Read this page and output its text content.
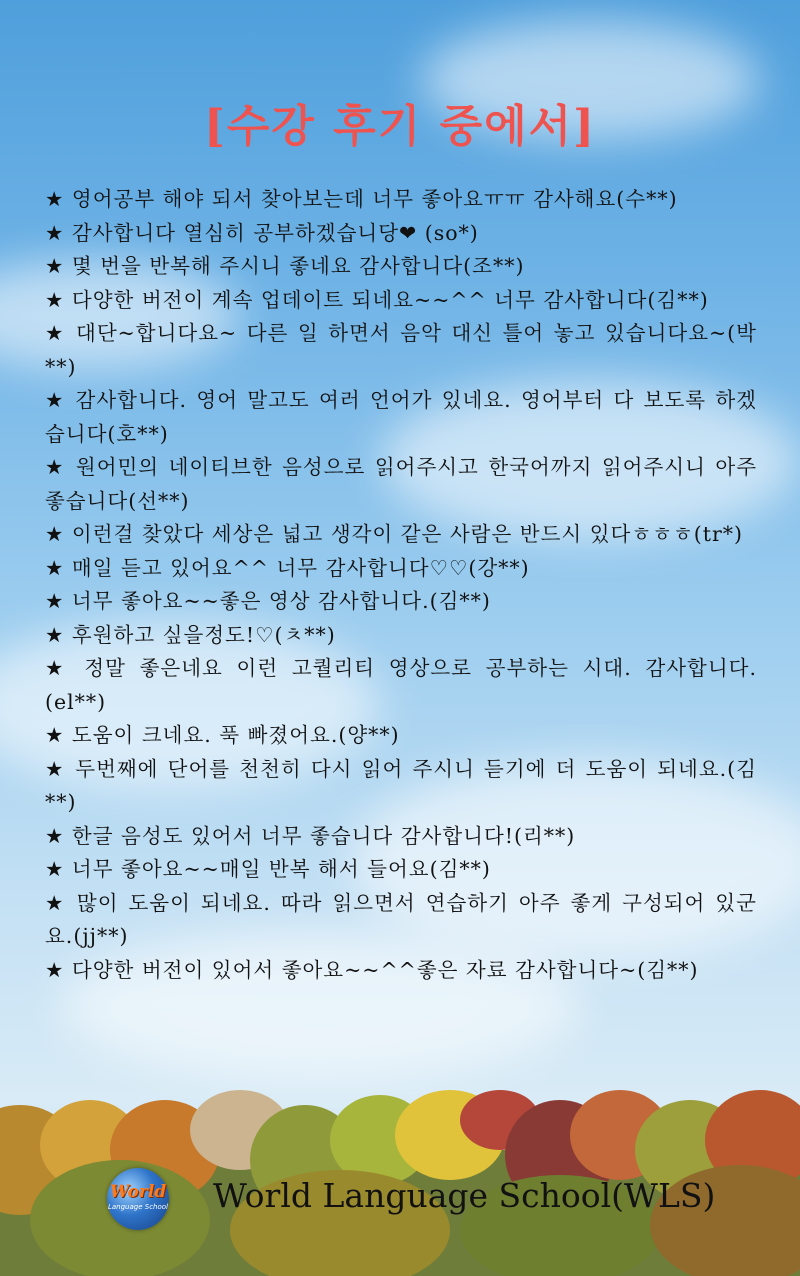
[수강 후기 중에서]
★ 영어공부 해야 되서 찾아보는데 너무 좋아요ㅠㅠ 감사해요(수**)
★ 감사합니다 열심히 공부하겠습니당❤ (so*)
★ 몇 번을 반복해 주시니 좋네요 감사합니다(조**)
★ 다양한 버전이 계속 업데이트 되네요~~^^ 너무 감사합니다(김**)
★ 대단~합니다요~ 다른 일 하면서 음악 대신 틀어 놓고 있습니다요~(박**)
★ 감사합니다. 영어 말고도 여러 언어가 있네요. 영어부터 다 보도록 하겠습니다(호**)
★ 원어민의 네이티브한 음성으로 읽어주시고 한국어까지 읽어주시니 아주 좋습니다(선**)
★ 이런걸 찾았다 세상은 넓고 생각이 같은 사람은 반드시 있다ㅎㅎㅎ(tr*)
★ 매일 듣고 있어요^^ 너무 감사합니다♡♡(강**)
★ 너무 좋아요~~좋은 영상 감사합니다.(김**)
★ 후원하고 싶을정도!♡(ㅊ**)
★ 정말 좋은네요 이런 고퀄리티 영상으로 공부하는 시대. 감사합니다.(el**)
★ 도움이 크네요. 푹 빠졌어요.(양**)
★ 두번째에 단어를 천천히 다시 읽어 주시니 듣기에 더 도움이 되네요.(김**)
★ 한글 음성도 있어서 너무 좋습니다 감사합니다!(리**)
★ 너무 좋아요~~매일 반복 해서 들어요(김**)
★ 많이 도움이 되네요. 따라 읽으면서 연습하기 아주 좋게 구성되어 있군요.(jj**)
★ 다양한 버전이 있어서 좋아요~~^^좋은 자료 감사합니다~(김**)
World
Language School World Language School(WLS)
